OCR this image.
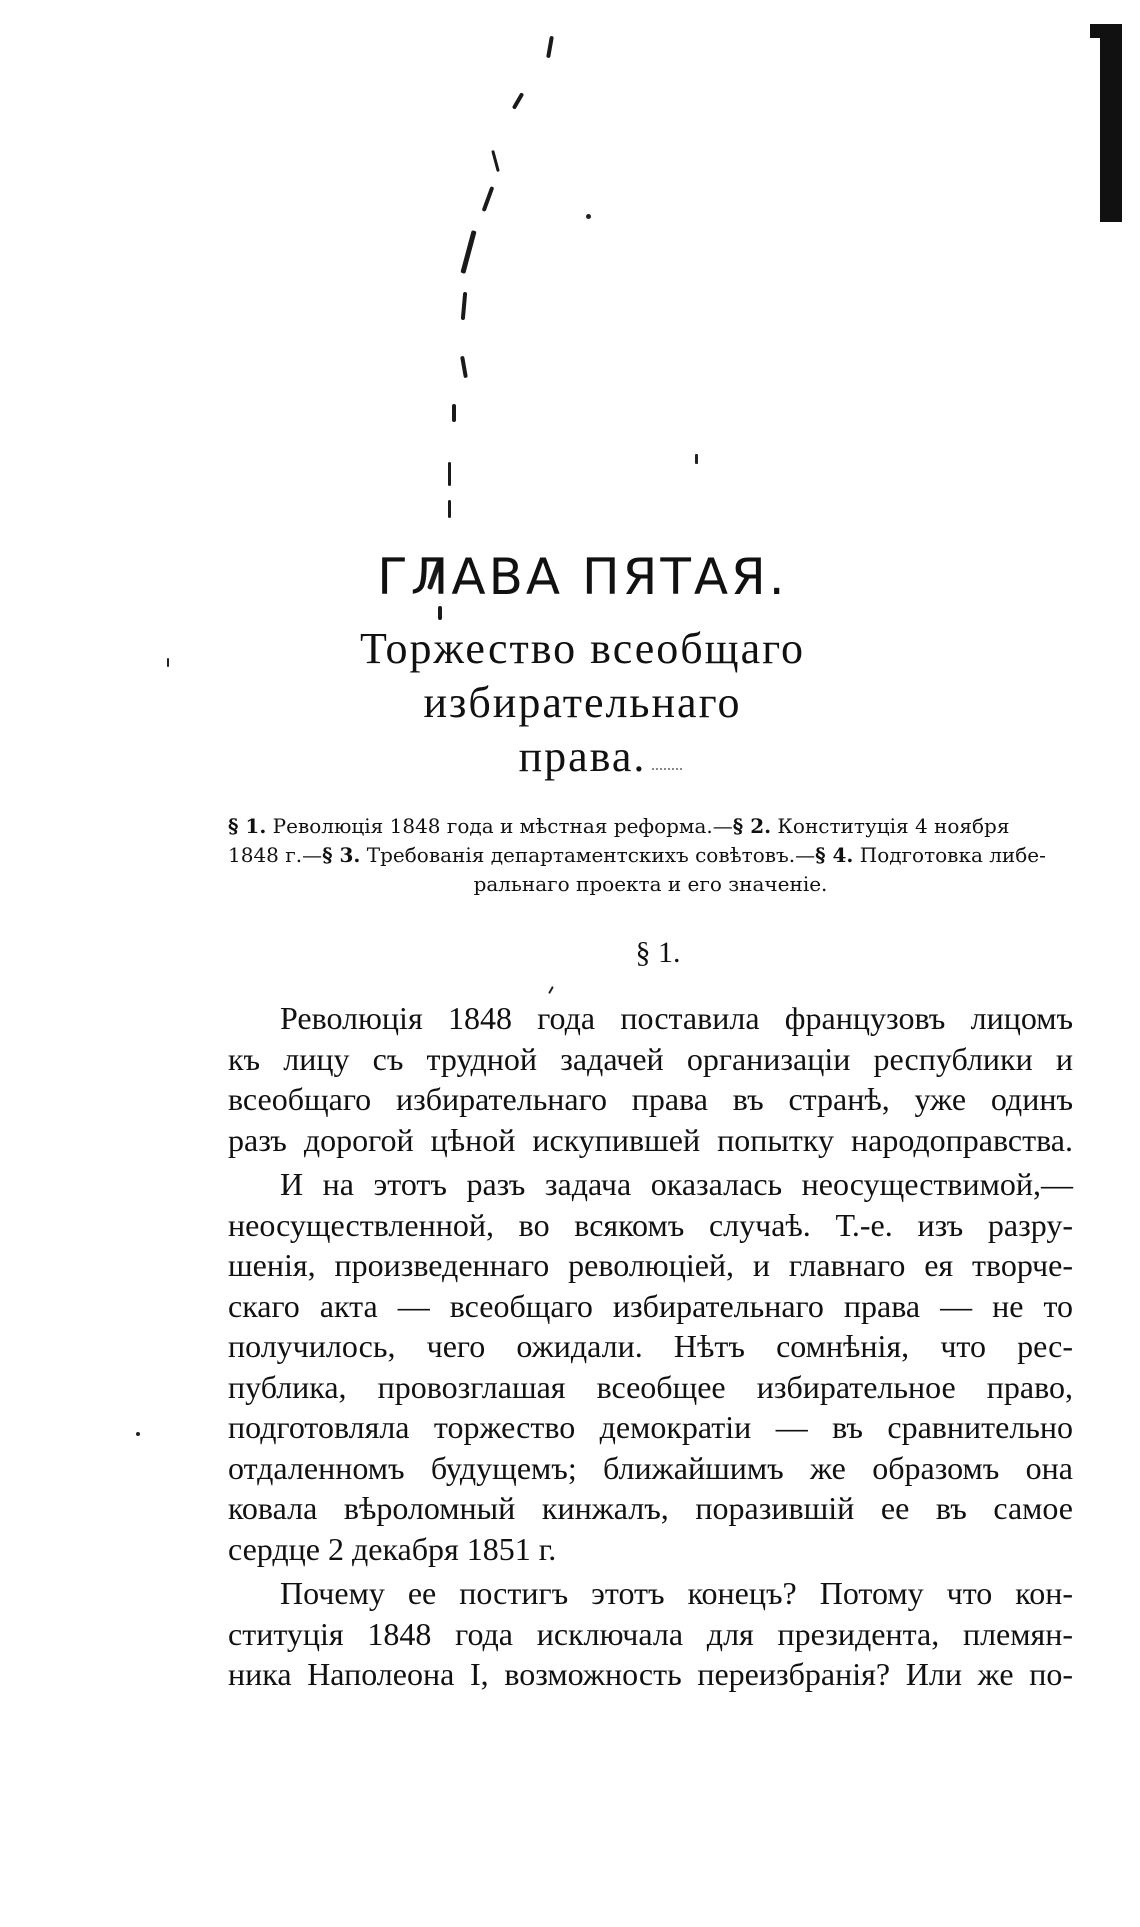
ГЛАВА ПЯТАЯ.
Торжество всеобщаго избирательнаго
права.
§ 1. Революція 1848 года и мѣстная реформа.—§ 2. Конституція 4 ноября
1848 г.—§ 3. Требованія департаментскихъ совѣтовъ.—§ 4. Подготовка либе-
ральнаго проекта и его значеніе.
§ 1.
Революція 1848 года поставила французовъ лицомъ
къ лицу съ трудной задачей организаціи республики и
всеобщаго избирательнаго права въ странѣ, уже одинъ
разъ дорогой цѣной искупившей попытку народоправства.
И на этотъ разъ задача оказалась неосуществимой,—
неосуществленной, во всякомъ случаѣ. Т.-е. изъ разру-
шенія, произведеннаго революціей, и главнаго ея творче-
скаго акта — всеобщаго избирательнаго права — не то
получилось, чего ожидали. Нѣтъ сомнѣнія, что рес-
публика, провозглашая всеобщее избирательное право,
подготовляла торжество демократіи — въ сравнительно
отдаленномъ будущемъ; ближайшимъ же образомъ она
ковала вѣроломный кинжалъ, поразившій ее въ самое
сердце 2 декабря 1851 г.
Почему ее постигъ этотъ конецъ? Потому что кон-
ституція 1848 года исключала для президента, племян-
ника Наполеона I, возможность переизбранія? Или же по-
